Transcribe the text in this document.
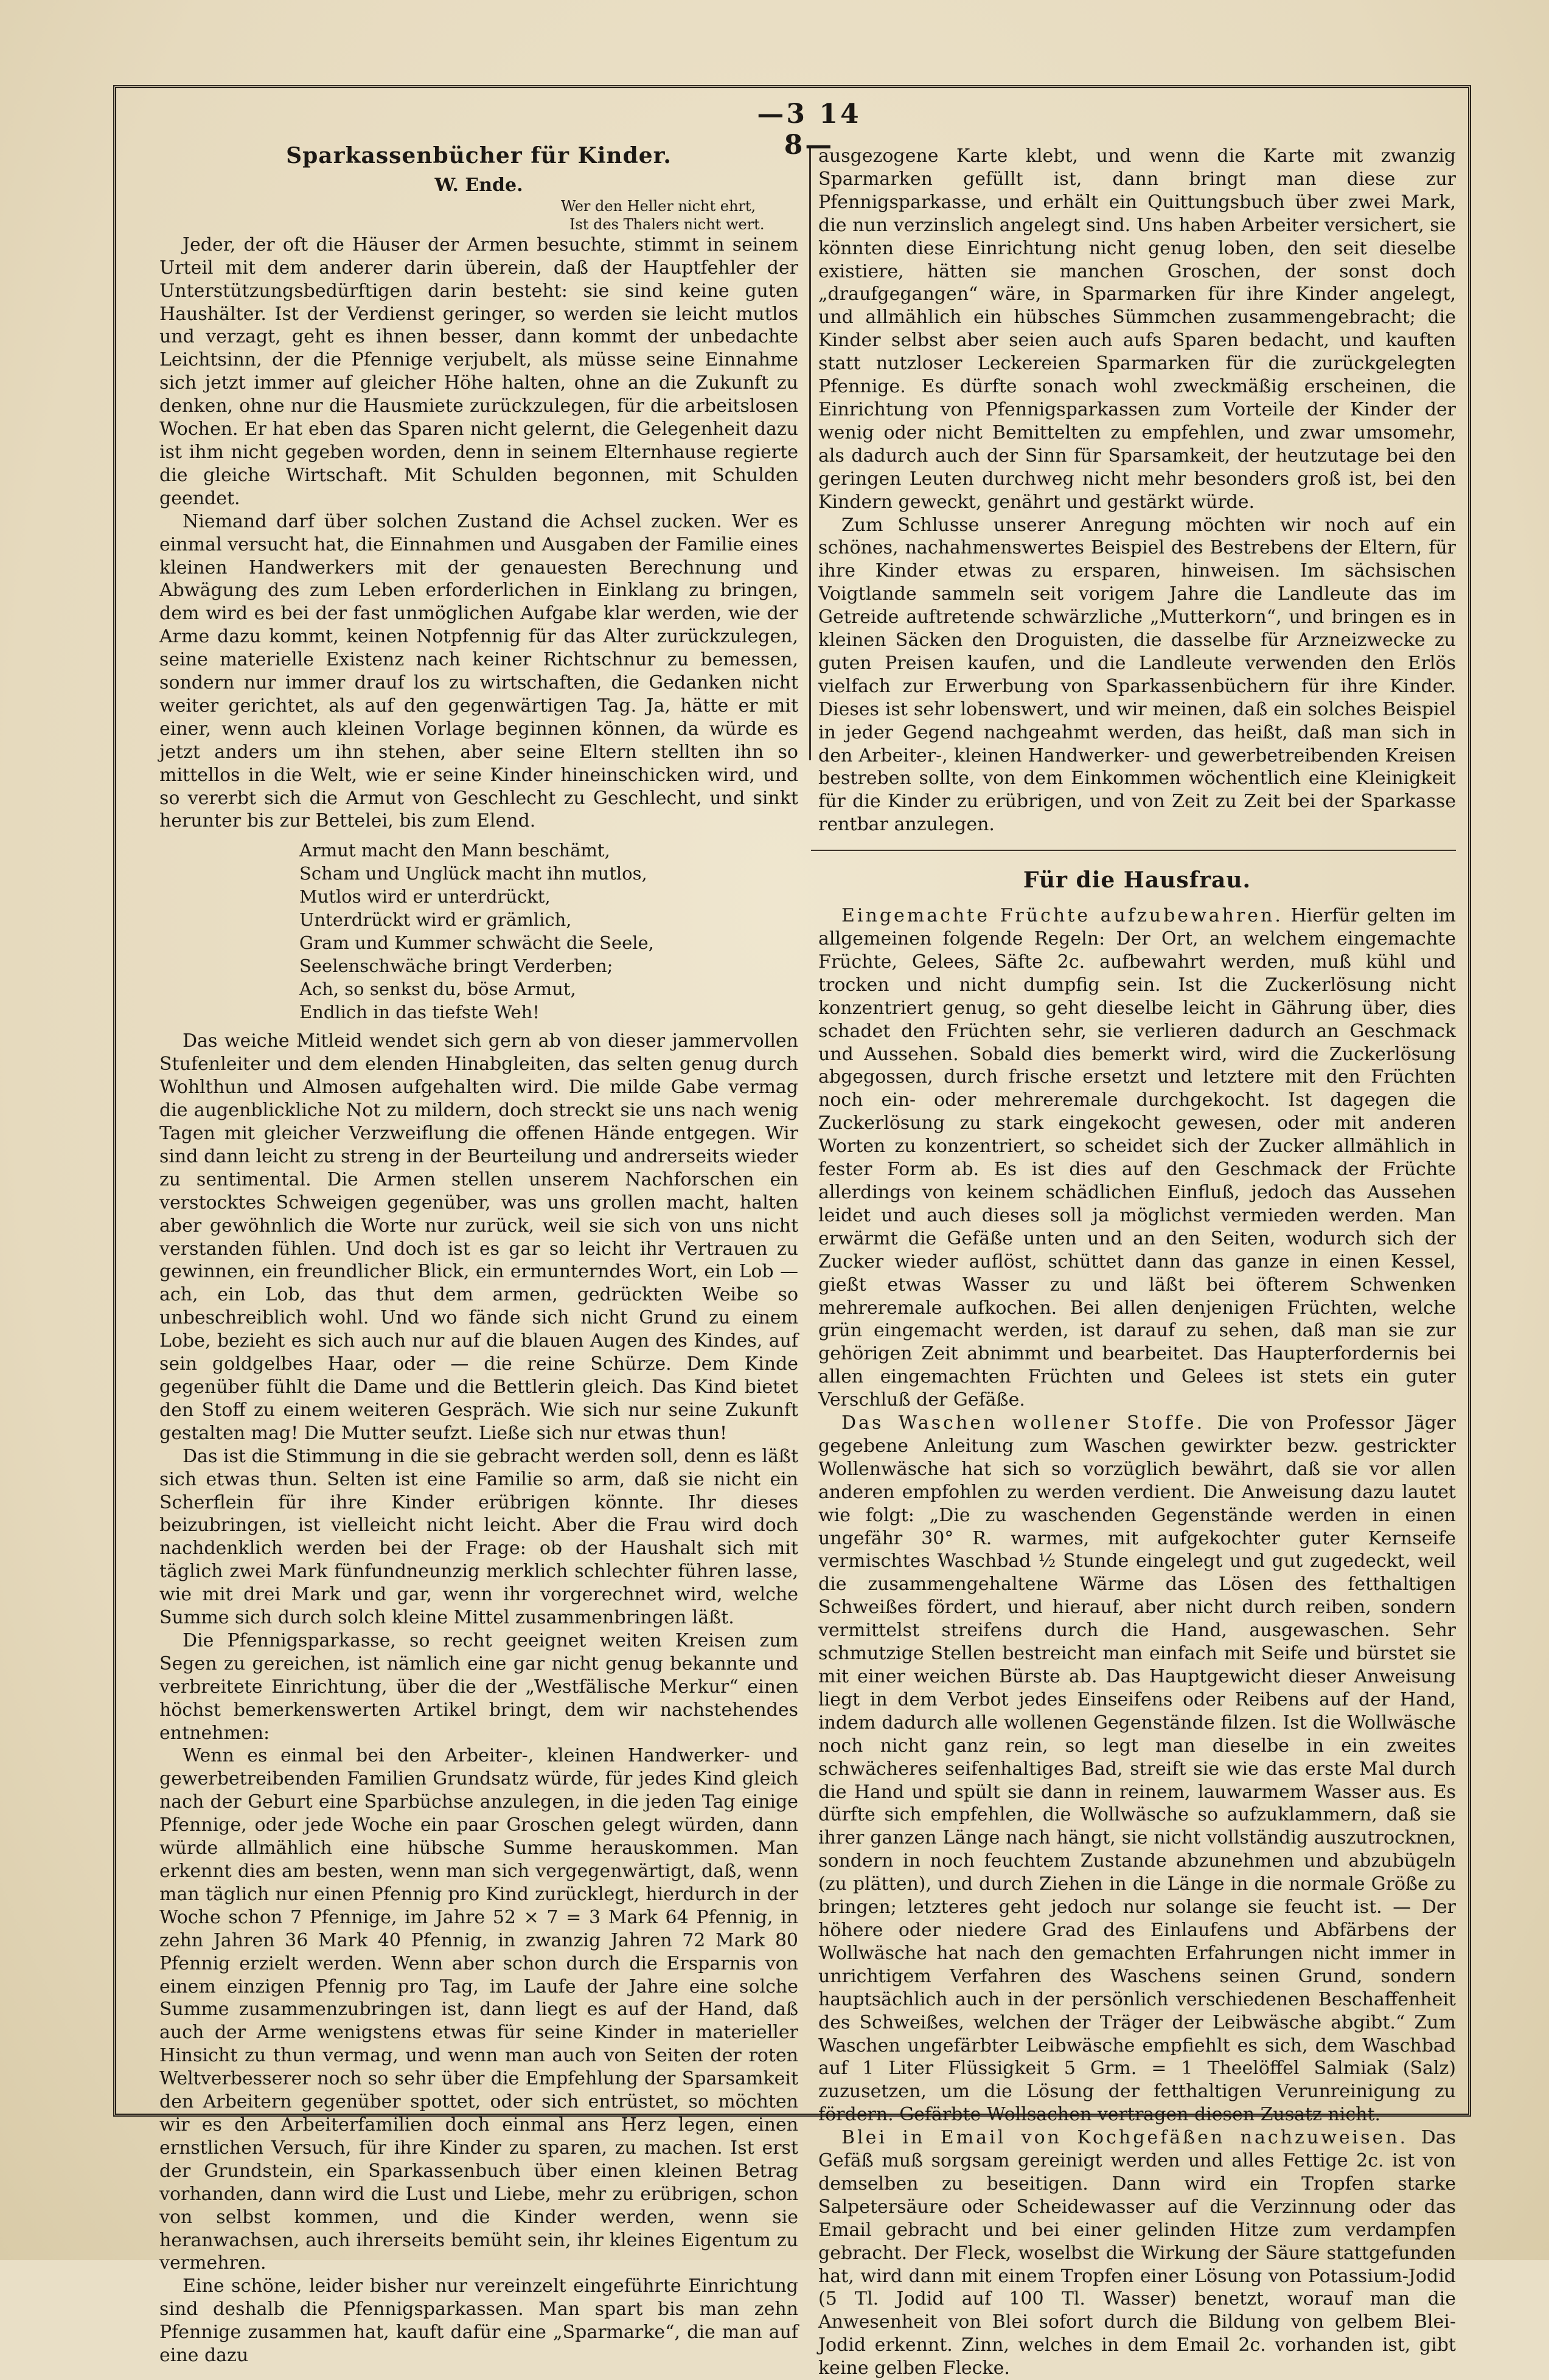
—3 14 8—
Sparkassenbücher für Kinder.

W. Ende.

Wer den Heller nicht ehrt,
Ist des Thalers nicht wert.

Jeder, der oft die Häuser der Armen besuchte, stimmt in seinem Urteil mit dem anderer darin überein, daß der Hauptfehler der Unterstützungsbedürftigen darin besteht: sie sind keine guten Haushälter. Ist der Verdienst geringer, so werden sie leicht mutlos und verzagt, geht es ihnen besser, dann kommt der unbedachte Leichtsinn, der die Pfennige verjubelt, als müsse seine Einnahme sich jetzt immer auf gleicher Höhe halten, ohne an die Zukunft zu denken, ohne nur die Hausmiete zurückzulegen, für die arbeitslosen Wochen. Er hat eben das Sparen nicht gelernt, die Gelegenheit dazu ist ihm nicht gegeben worden, denn in seinem Elternhause regierte die gleiche Wirtschaft. Mit Schulden begonnen, mit Schulden geendet.

Niemand darf über solchen Zustand die Achsel zucken. Wer es einmal versucht hat, die Einnahmen und Ausgaben der Familie eines kleinen Handwerkers mit der genauesten Berechnung und Abwägung des zum Leben erforderlichen in Einklang zu bringen, dem wird es bei der fast unmöglichen Aufgabe klar werden, wie der Arme dazu kommt, keinen Notpfennig für das Alter zurückzulegen, seine materielle Existenz nach keiner Richtschnur zu bemessen, sondern nur immer drauf los zu wirtschaften, die Gedanken nicht weiter gerichtet, als auf den gegenwärtigen Tag. Ja, hätte er mit einer, wenn auch kleinen Vorlage beginnen können, da würde es jetzt anders um ihn stehen, aber seine Eltern stellten ihn so mittellos in die Welt, wie er seine Kinder hineinschicken wird, und so vererbt sich die Armut von Geschlecht zu Geschlecht, und sinkt herunter bis zur Bettelei, bis zum Elend.

Armut macht den Mann beschämt,
Scham und Unglück macht ihn mutlos,
Mutlos wird er unterdrückt,
Unterdrückt wird er grämlich,
Gram und Kummer schwächt die Seele,
Seelenschwäche bringt Verderben;
Ach, so senkst du, böse Armut,
Endlich in das tiefste Weh!

Das weiche Mitleid wendet sich gern ab von dieser jammervollen Stufenleiter und dem elenden Hinabgleiten, das selten genug durch Wohlthun und Almosen aufgehalten wird. Die milde Gabe vermag die augenblickliche Not zu mildern, doch streckt sie uns nach wenig Tagen mit gleicher Verzweiflung die offenen Hände entgegen. Wir sind dann leicht zu streng in der Beurteilung und andrerseits wieder zu sentimental. Die Armen stellen unserem Nachforschen ein verstocktes Schweigen gegenüber, was uns grollen macht, halten aber gewöhnlich die Worte nur zurück, weil sie sich von uns nicht verstanden fühlen. Und doch ist es gar so leicht ihr Vertrauen zu gewinnen, ein freundlicher Blick, ein ermunterndes Wort, ein Lob — ach, ein Lob, das thut dem armen, gedrückten Weibe so unbeschreiblich wohl. Und wo fände sich nicht Grund zu einem Lobe, bezieht es sich auch nur auf die blauen Augen des Kindes, auf sein goldgelbes Haar, oder — die reine Schürze. Dem Kinde gegenüber fühlt die Dame und die Bettlerin gleich. Das Kind bietet den Stoff zu einem weiteren Gespräch. Wie sich nur seine Zukunft gestalten mag! Die Mutter seufzt. Ließe sich nur etwas thun!

Das ist die Stimmung in die sie gebracht werden soll, denn es läßt sich etwas thun. Selten ist eine Familie so arm, daß sie nicht ein Scherflein für ihre Kinder erübrigen könnte. Ihr dieses beizubringen, ist vielleicht nicht leicht. Aber die Frau wird doch nachdenklich werden bei der Frage: ob der Haushalt sich mit täglich zwei Mark fünfundneunzig merklich schlechter führen lasse, wie mit drei Mark und gar, wenn ihr vorgerechnet wird, welche Summe sich durch solch kleine Mittel zusammenbringen läßt.

Die Pfennigsparkasse, so recht geeignet weiten Kreisen zum Segen zu gereichen, ist nämlich eine gar nicht genug bekannte und verbreitete Einrichtung, über die der „Westfälische Merkur“ einen höchst bemerkenswerten Artikel bringt, dem wir nachstehendes entnehmen:

Wenn es einmal bei den Arbeiter-, kleinen Handwerker- und gewerbetreibenden Familien Grundsatz würde, für jedes Kind gleich nach der Geburt eine Sparbüchse anzulegen, in die jeden Tag einige Pfennige, oder jede Woche ein paar Groschen gelegt würden, dann würde allmählich eine hübsche Summe herauskommen. Man erkennt dies am besten, wenn man sich vergegenwärtigt, daß, wenn man täglich nur einen Pfennig pro Kind zurücklegt, hierdurch in der Woche schon 7 Pfennige, im Jahre 52 × 7 = 3 Mark 64 Pfennig, in zehn Jahren 36 Mark 40 Pfennig, in zwanzig Jahren 72 Mark 80 Pfennig erzielt werden. Wenn aber schon durch die Ersparnis von einem einzigen Pfennig pro Tag, im Laufe der Jahre eine solche Summe zusammenzubringen ist, dann liegt es auf der Hand, daß auch der Arme wenigstens etwas für seine Kinder in materieller Hinsicht zu thun vermag, und wenn man auch von Seiten der roten Weltverbesserer noch so sehr über die Empfehlung der Sparsamkeit den Arbeitern gegenüber spottet, oder sich entrüstet, so möchten wir es den Arbeiterfamilien doch einmal ans Herz legen, einen ernstlichen Versuch, für ihre Kinder zu sparen, zu machen. Ist erst der Grundstein, ein Sparkassenbuch über einen kleinen Betrag vorhanden, dann wird die Lust und Liebe, mehr zu erübrigen, schon von selbst kommen, und die Kinder werden, wenn sie heranwachsen, auch ihrerseits bemüht sein, ihr kleines Eigentum zu vermehren.

Eine schöne, leider bisher nur vereinzelt eingeführte Einrichtung sind deshalb die Pfennigsparkassen. Man spart bis man zehn Pfennige zusammen hat, kauft dafür eine „Sparmarke“, die man auf eine dazu

ausgezogene Karte klebt, und wenn die Karte mit zwanzig Sparmarken gefüllt ist, dann bringt man diese zur Pfennigsparkasse, und erhält ein Quittungsbuch über zwei Mark, die nun verzinslich angelegt sind. Uns haben Arbeiter versichert, sie könnten diese Einrichtung nicht genug loben, den seit dieselbe existiere, hätten sie manchen Groschen, der sonst doch „draufgegangen“ wäre, in Sparmarken für ihre Kinder angelegt, und allmählich ein hübsches Sümmchen zusammengebracht; die Kinder selbst aber seien auch aufs Sparen bedacht, und kauften statt nutzloser Leckereien Sparmarken für die zurückgelegten Pfennige. Es dürfte sonach wohl zweckmäßig erscheinen, die Einrichtung von Pfennigsparkassen zum Vorteile der Kinder der wenig oder nicht Bemittelten zu empfehlen, und zwar umsomehr, als dadurch auch der Sinn für Sparsamkeit, der heutzutage bei den geringen Leuten durchweg nicht mehr besonders groß ist, bei den Kindern geweckt, genährt und gestärkt würde.

Zum Schlusse unserer Anregung möchten wir noch auf ein schönes, nachahmenswertes Beispiel des Bestrebens der Eltern, für ihre Kinder etwas zu ersparen, hinweisen. Im sächsischen Voigtlande sammeln seit vorigem Jahre die Landleute das im Getreide auftretende schwärzliche „Mutterkorn“, und bringen es in kleinen Säcken den Droguisten, die dasselbe für Arzneizwecke zu guten Preisen kaufen, und die Landleute verwenden den Erlös vielfach zur Erwerbung von Sparkassenbüchern für ihre Kinder. Dieses ist sehr lobenswert, und wir meinen, daß ein solches Beispiel in jeder Gegend nachgeahmt werden, das heißt, daß man sich in den Arbeiter-, kleinen Handwerker- und gewerbetreibenden Kreisen bestreben sollte, von dem Einkommen wöchentlich eine Kleinigkeit für die Kinder zu erübrigen, und von Zeit zu Zeit bei der Sparkasse rentbar anzulegen.

Für die Hausfrau.

Eingemachte Früchte aufzubewahren. Hierfür gelten im allgemeinen folgende Regeln: Der Ort, an welchem eingemachte Früchte, Gelees, Säfte 2c. aufbewahrt werden, muß kühl und trocken und nicht dumpfig sein. Ist die Zuckerlösung nicht konzentriert genug, so geht dieselbe leicht in Gährung über, dies schadet den Früchten sehr, sie verlieren dadurch an Geschmack und Aussehen. Sobald dies bemerkt wird, wird die Zuckerlösung abgegossen, durch frische ersetzt und letztere mit den Früchten noch ein- oder mehreremale durchgekocht. Ist dagegen die Zuckerlösung zu stark eingekocht gewesen, oder mit anderen Worten zu konzentriert, so scheidet sich der Zucker allmählich in fester Form ab. Es ist dies auf den Geschmack der Früchte allerdings von keinem schädlichen Einfluß, jedoch das Aussehen leidet und auch dieses soll ja möglichst vermieden werden. Man erwärmt die Gefäße unten und an den Seiten, wodurch sich der Zucker wieder auflöst, schüttet dann das ganze in einen Kessel, gießt etwas Wasser zu und läßt bei öfterem Schwenken mehreremale aufkochen. Bei allen denjenigen Früchten, welche grün eingemacht werden, ist darauf zu sehen, daß man sie zur gehörigen Zeit abnimmt und bearbeitet. Das Haupterfordernis bei allen eingemachten Früchten und Gelees ist stets ein guter Verschluß der Gefäße.

Das Waschen wollener Stoffe. Die von Professor Jäger gegebene Anleitung zum Waschen gewirkter bezw. gestrickter Wollenwäsche hat sich so vorzüglich bewährt, daß sie vor allen anderen empfohlen zu werden verdient. Die Anweisung dazu lautet wie folgt: „Die zu waschenden Gegenstände werden in einen ungefähr 30° R. warmes, mit aufgekochter guter Kernseife vermischtes Waschbad ½ Stunde eingelegt und gut zugedeckt, weil die zusammengehaltene Wärme das Lösen des fetthaltigen Schweißes fördert, und hierauf, aber nicht durch reiben, sondern vermittelst streifens durch die Hand, ausgewaschen. Sehr schmutzige Stellen bestreicht man einfach mit Seife und bürstet sie mit einer weichen Bürste ab. Das Hauptgewicht dieser Anweisung liegt in dem Verbot jedes Einseifens oder Reibens auf der Hand, indem dadurch alle wollenen Gegenstände filzen. Ist die Wollwäsche noch nicht ganz rein, so legt man dieselbe in ein zweites schwächeres seifenhaltiges Bad, streift sie wie das erste Mal durch die Hand und spült sie dann in reinem, lauwarmem Wasser aus. Es dürfte sich empfehlen, die Wollwäsche so aufzuklammern, daß sie ihrer ganzen Länge nach hängt, sie nicht vollständig auszutrocknen, sondern in noch feuchtem Zustande abzunehmen und abzubügeln (zu plätten), und durch Ziehen in die Länge in die normale Größe zu bringen; letzteres geht jedoch nur solange sie feucht ist. — Der höhere oder niedere Grad des Einlaufens und Abfärbens der Wollwäsche hat nach den gemachten Erfahrungen nicht immer in unrichtigem Verfahren des Waschens seinen Grund, sondern hauptsächlich auch in der persönlich verschiedenen Beschaffenheit des Schweißes, welchen der Träger der Leibwäsche abgibt.“ Zum Waschen ungefärbter Leibwäsche empfiehlt es sich, dem Waschbad auf 1 Liter Flüssigkeit 5 Grm. = 1 Theelöffel Salmiak (Salz) zuzusetzen, um die Lösung der fetthaltigen Verunreinigung zu fördern. Gefärbte Wollsachen vertragen diesen Zusatz nicht.

Blei in Email von Kochgefäßen nachzuweisen. Das Gefäß muß sorgsam gereinigt werden und alles Fettige 2c. ist von demselben zu beseitigen. Dann wird ein Tropfen starke Salpetersäure oder Scheidewasser auf die Verzinnung oder das Email gebracht und bei einer gelinden Hitze zum verdampfen gebracht. Der Fleck, woselbst die Wirkung der Säure stattgefunden hat, wird dann mit einem Tropfen einer Lösung von Potassium-Jodid (5 Tl. Jodid auf 100 Tl. Wasser) benetzt, worauf man die Anwesenheit von Blei sofort durch die Bildung von gelbem Blei-Jodid erkennt. Zinn, welches in dem Email 2c. vorhanden ist, gibt keine gelben Flecke.
